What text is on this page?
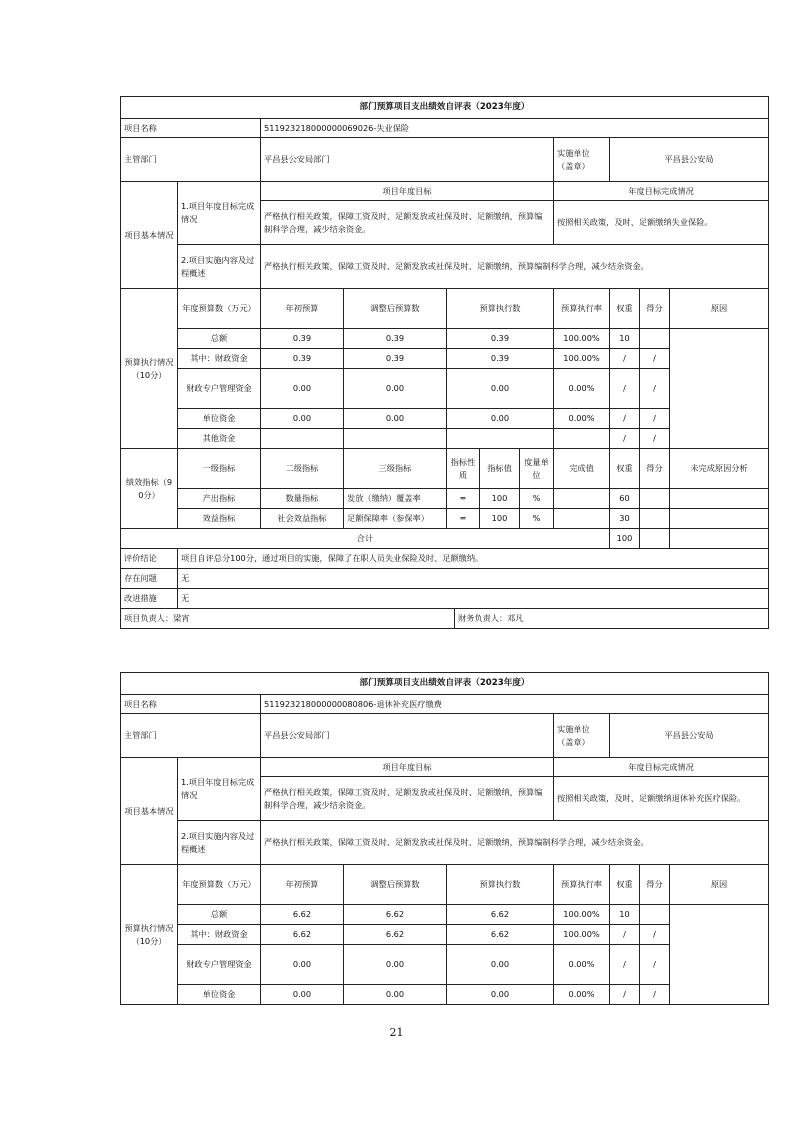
部门预算项目支出绩效自评表（2023年度）											
项目名称		511923218000000069026-失业保险									
主管部门		平昌县公安局部门						实施单位（盖章）	平昌县公安局		
项目基本情况	1.项目年度目标完成情况	项目年度目标						年度目标完成情况			
		严格执行相关政策，保障工资及时、足额发放或社保及时、足额缴纳，预算编制科学合理，减少结余资金。						按照相关政策，及时、足额缴纳失业保险。			
	2.项目实施内容及过程概述	严格执行相关政策，保障工资及时、足额发放或社保及时、足额缴纳，预算编制科学合理，减少结余资金。									
预算执行情况（10分）	年度预算数（万元）	年初预算	调整后预算数	预算执行数				预算执行率	权重	得分	原因
	总额	0.39	0.39	0.39				100.00%	10		
	其中：财政资金	0.39	0.39	0.39				100.00%	/	/	
	财政专户管理资金	0.00	0.00	0.00				0.00%	/	/	
	单位资金	0.00	0.00	0.00				0.00%	/	/	
	其他资金								/	/	
绩效指标（90分）	一级指标	二级指标	三级指标	指标性质		指标值	度量单位	完成值	权重	得分	未完成原因分析
	产出指标	数量指标	发放（缴纳）覆盖率	═		100	%		60		
	效益指标	社会效益指标	足额保障率（参保率）	═		100	%		30		
合计									100		
评价结论	项目自评总分100分，通过项目的实施，保障了在职人员失业保险及时、足额缴纳。										
存在问题	无										
改进措施	无										
项目负责人：梁宵					财务负责人：邓凡						
部门预算项目支出绩效自评表（2023年度）								
项目名称		511923218000000080806-退休补充医疗缴费						
主管部门		平昌县公安局部门			实施单位（盖章）	平昌县公安局		
项目基本情况	1.项目年度目标完成情况	项目年度目标			年度目标完成情况			
		严格执行相关政策，保障工资及时、足额发放或社保及时、足额缴纳，预算编制科学合理，减少结余资金。			按照相关政策，及时、足额缴纳退休补充医疗保险。			
	2.项目实施内容及过程概述	严格执行相关政策，保障工资及时、足额发放或社保及时、足额缴纳，预算编制科学合理，减少结余资金。						
预算执行情况（10分）	年度预算数（万元）	年初预算	调整后预算数	预算执行数	预算执行率	权重	得分	原因
	总额	6.62	6.62	6.62	100.00%	10		
	其中：财政资金	6.62	6.62	6.62	100.00%	/	/	
	财政专户管理资金	0.00	0.00	0.00	0.00%	/	/	
	单位资金	0.00	0.00	0.00	0.00%	/	/	
21
